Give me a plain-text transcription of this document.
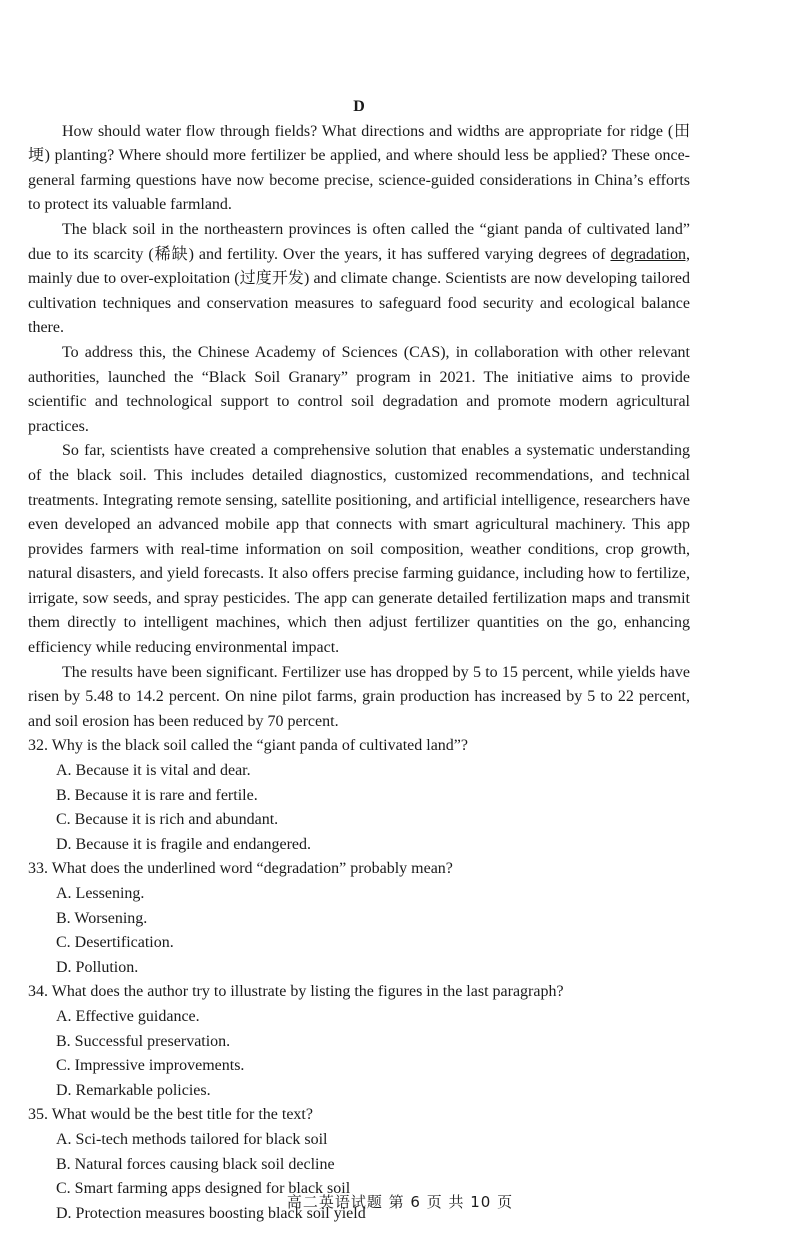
D

How should water flow through fields? What directions and widths are appropriate for ridge (田埂) planting? Where should more fertilizer be applied, and where should less be applied? These once-general farming questions have now become precise, science-guided considerations in China’s efforts to protect its valuable farmland.

The black soil in the northeastern provinces is often called the “giant panda of cultivated land” due to its scarcity (稀缺) and fertility. Over the years, it has suffered varying degrees of degradation, mainly due to over-exploitation (过度开发) and climate change. Scientists are now developing tailored cultivation techniques and conservation measures to safeguard food security and ecological balance there.

To address this, the Chinese Academy of Sciences (CAS), in collaboration with other relevant authorities, launched the “Black Soil Granary” program in 2021. The initiative aims to provide scientific and technological support to control soil degradation and promote modern agricultural practices.

So far, scientists have created a comprehensive solution that enables a systematic understanding of the black soil. This includes detailed diagnostics, customized recommendations, and technical treatments. Integrating remote sensing, satellite positioning, and artificial intelligence, researchers have even developed an advanced mobile app that connects with smart agricultural machinery. This app provides farmers with real-time information on soil composition, weather conditions, crop growth, natural disasters, and yield forecasts. It also offers precise farming guidance, including how to fertilize, irrigate, sow seeds, and spray pesticides. The app can generate detailed fertilization maps and transmit them directly to intelligent machines, which then adjust fertilizer quantities on the go, enhancing efficiency while reducing environmental impact.

The results have been significant. Fertilizer use has dropped by 5 to 15 percent, while yields have risen by 5.48 to 14.2 percent. On nine pilot farms, grain production has increased by 5 to 22 percent, and soil erosion has been reduced by 70 percent.

32. Why is the black soil called the “giant panda of cultivated land”?

A. Because it is vital and dear.

B. Because it is rare and fertile.

C. Because it is rich and abundant.

D. Because it is fragile and endangered.

33. What does the underlined word “degradation” probably mean?

A. Lessening.

B. Worsening.

C. Desertification.

D. Pollution.

34. What does the author try to illustrate by listing the figures in the last paragraph?

A. Effective guidance.

B. Successful preservation.

C. Impressive improvements.

D. Remarkable policies.

35. What would be the best title for the text?

A. Sci-tech methods tailored for black soil

B. Natural forces causing black soil decline

C. Smart farming apps designed for black soil

D. Protection measures boosting black soil yield

高二英语试题 第 6 页 共 10 页
